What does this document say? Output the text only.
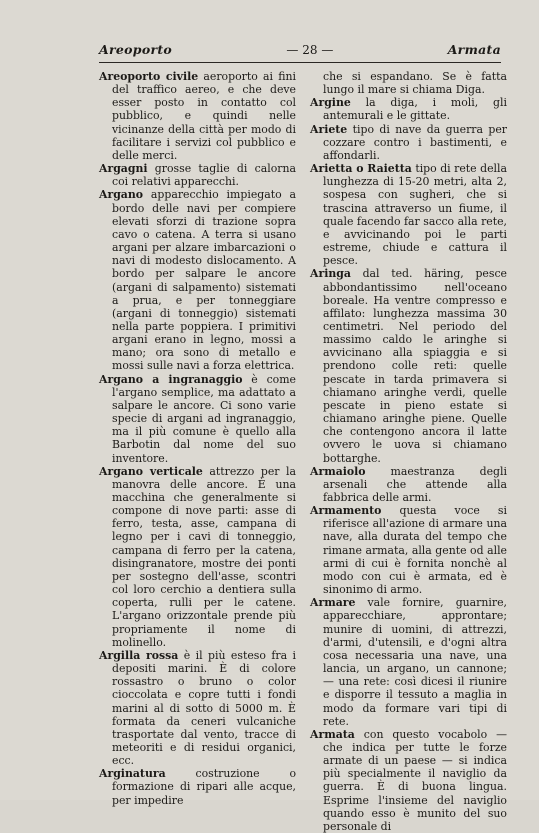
Areoporto	— 28 —	Armata

Areoporto civile aeroporto ai fini del traffico aereo, e che deve esser posto in contatto col pubblico, e quindi nelle vicinanze della città per modo di facilitare i servizi col pubblico e delle merci.

Argagni grosse taglie di calorna coi relativi apparecchi.

Argano apparecchio impiegato a bordo delle navi per compiere elevati sforzi di trazione sopra cavo o catena. A terra si usano argani per alzare imbarcazioni o navi di modesto dislocamento. A bordo per salpare le ancore (argani di salpamento) sistemati a prua, e per tonneggiare (argani di tonneggio) sistemati nella parte poppiera. I primitivi argani erano in legno, mossi a mano; ora sono di metallo e mossi sulle navi a forza elettrica.

Argano a ingranaggio è come l'argano semplice, ma adattato a salpare le ancore. Ci sono varie specie di argani ad ingranaggio, ma il più comune è quello alla Barbotin dal nome del suo inventore.

Argano verticale attrezzo per la manovra delle ancore. È una macchina che generalmente si compone di nove parti: asse di ferro, testa, asse, campana di legno per i cavi di tonneggio, campana di ferro per la catena, disingranatore, mostre dei ponti per sostegno dell'asse, scontri col loro cerchio a dentiera sulla coperta, rulli per le catene. L'argano orizzontale prende più propriamente il nome di molinello.

Argilla rossa è il più esteso fra i depositi marini. È di colore rossastro o bruno o color cioccolata e copre tutti i fondi marini al di sotto di 5000 m. È formata da ceneri vulcaniche trasportate dal vento, tracce di meteoriti e di residui organici, ecc.

Arginatura costruzione o formazione di ripari alle acque, per impedire

che si espandano. Se è fatta lungo il mare si chiama Diga.

Argine la diga, i moli, gli antemurali e le gittate.

Ariete tipo di nave da guerra per cozzare contro i bastimenti, e affondarli.

Arietta o Raietta tipo di rete della lunghezza di 15-20 metri, alta 2, sospesa con sugheri, che si trascina attraverso un fiume, il quale facendo far sacco alla rete, e avvicinando poi le parti estreme, chiude e cattura il pesce.

Aringa dal ted. häring, pesce abbondantissimo nell'oceano boreale. Ha ventre compresso e affilato: lunghezza massima 30 centimetri. Nel periodo del massimo caldo le aringhe si avvicinano alla spiaggia e si prendono colle reti: quelle pescate in tarda primavera si chiamano aringhe verdi, quelle pescate in pieno estate si chiamano aringhe piene. Quelle che contengono ancora il latte ovvero le uova si chiamano bottarghe.

Armaiolo maestranza degli arsenali che attende alla fabbrica delle armi.

Armamento questa voce si riferisce all'azione di armare una nave, alla durata del tempo che rimane armata, alla gente od alle armi di cui è fornita nonchè al modo con cui è armata, ed è sinonimo di armo.

Armare vale fornire, guarnire, apparecchiare, approntare; munire di uomini, di attrezzi, d'armi, d'utensili, e d'ogni altra cosa necessaria una nave, una lancia, un argano, un cannone; — una rete: così dicesi il riunire e disporre il tessuto a maglia in modo da formare vari tipi di rete.

Armata con questo vocabolo — che indica per tutte le forze armate di un paese — si indica più specialmente il naviglio da guerra. È di buona lingua. Esprime l'insieme del naviglio quando esso è munito del suo personale di
